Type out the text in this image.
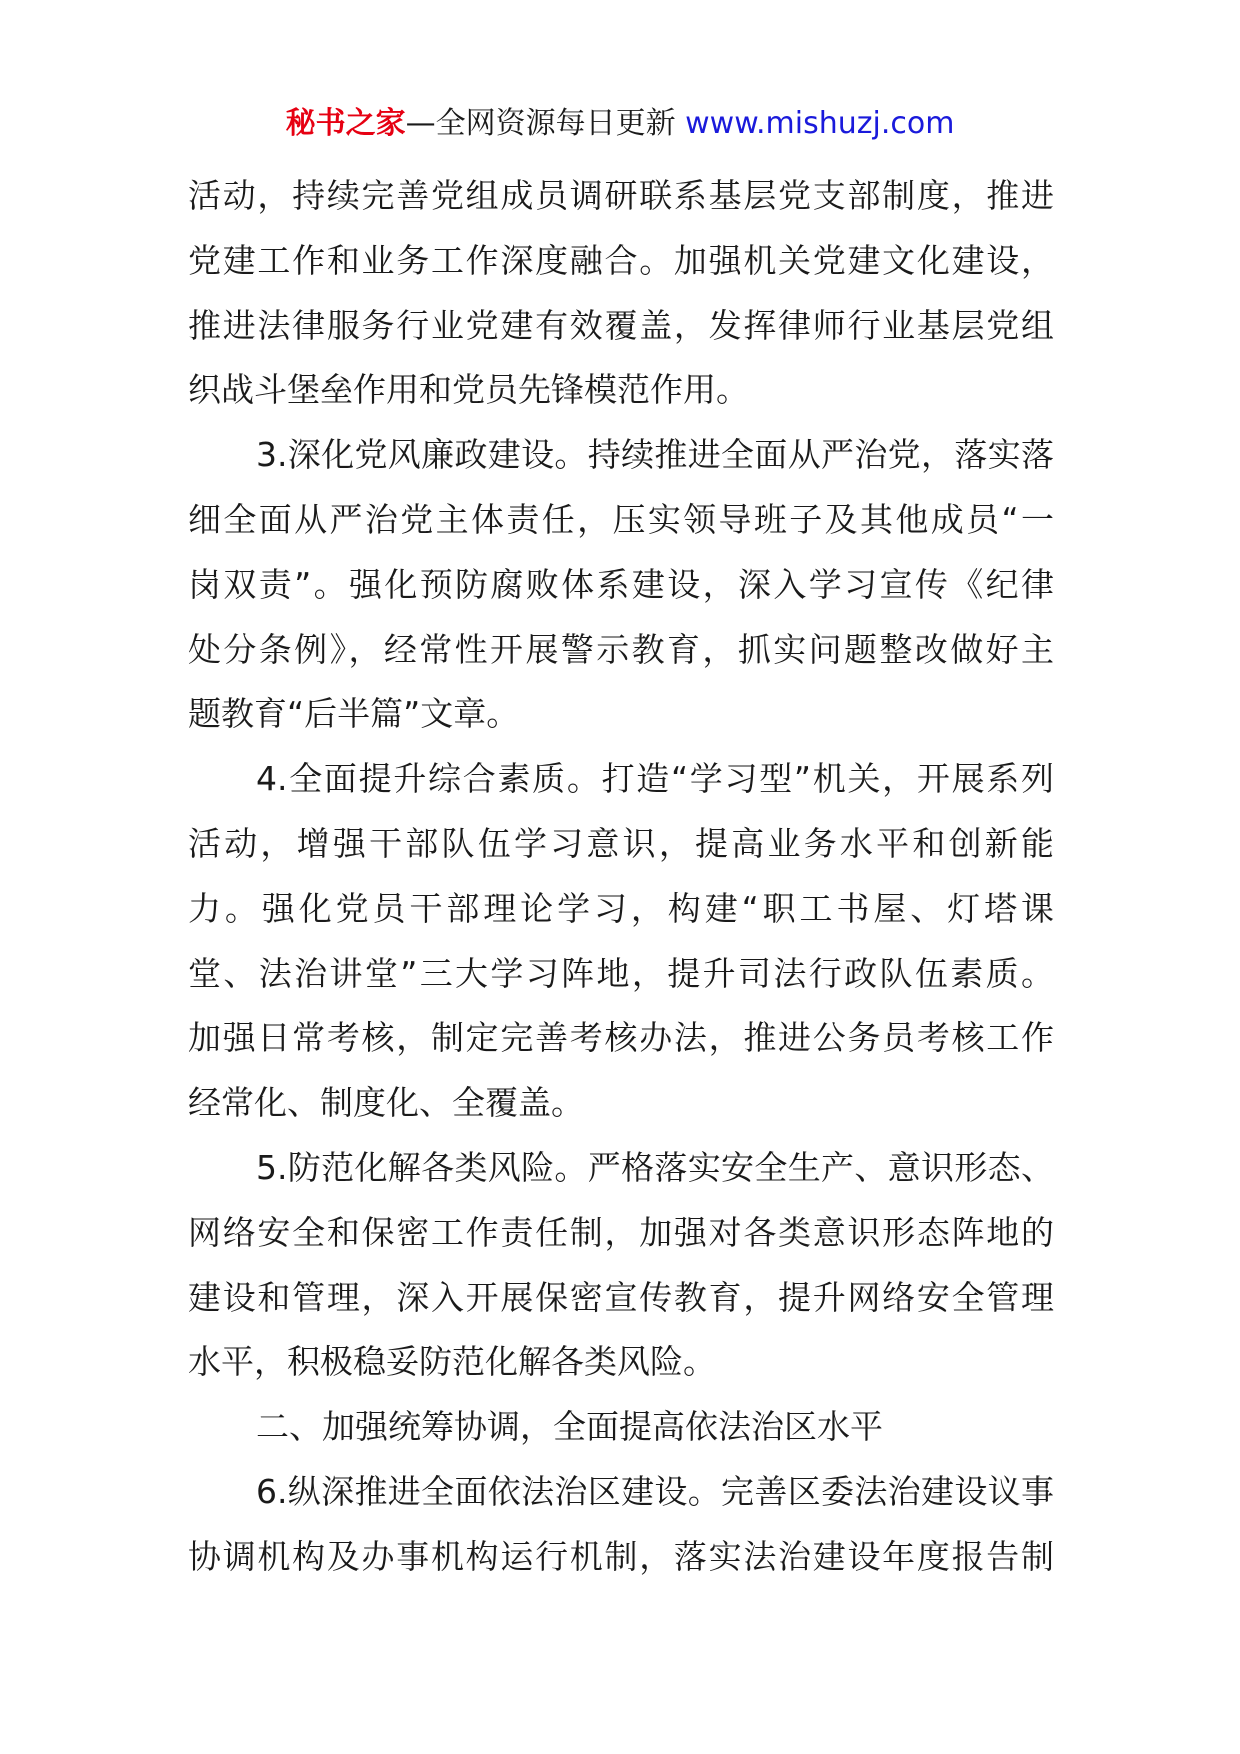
秘书之家—全网资源每日更新 www.mishuzj.com
活动，持续完善党组成员调研联系基层党支部制度，推进
党建工作和业务工作深度融合。加强机关党建文化建设，
推进法律服务行业党建有效覆盖，发挥律师行业基层党组
织战斗堡垒作用和党员先锋模范作用。
3.深化党风廉政建设。持续推进全面从严治党，落实落
细全面从严治党主体责任，压实领导班子及其他成员“一
岗双责”。强化预防腐败体系建设，深入学习宣传《纪律
处分条例》，经常性开展警示教育，抓实问题整改做好主
题教育“后半篇”文章。
4.全面提升综合素质。打造“学习型”机关，开展系列
活动，增强干部队伍学习意识，提高业务水平和创新能
力。强化党员干部理论学习，构建“职工书屋、灯塔课
堂、法治讲堂”三大学习阵地，提升司法行政队伍素质。
加强日常考核，制定完善考核办法，推进公务员考核工作
经常化、制度化、全覆盖。
5.防范化解各类风险。严格落实安全生产、意识形态、
网络安全和保密工作责任制，加强对各类意识形态阵地的
建设和管理，深入开展保密宣传教育，提升网络安全管理
水平，积极稳妥防范化解各类风险。
二、加强统筹协调，全面提高依法治区水平
6.纵深推进全面依法治区建设。完善区委法治建设议事
协调机构及办事机构运行机制，落实法治建设年度报告制
